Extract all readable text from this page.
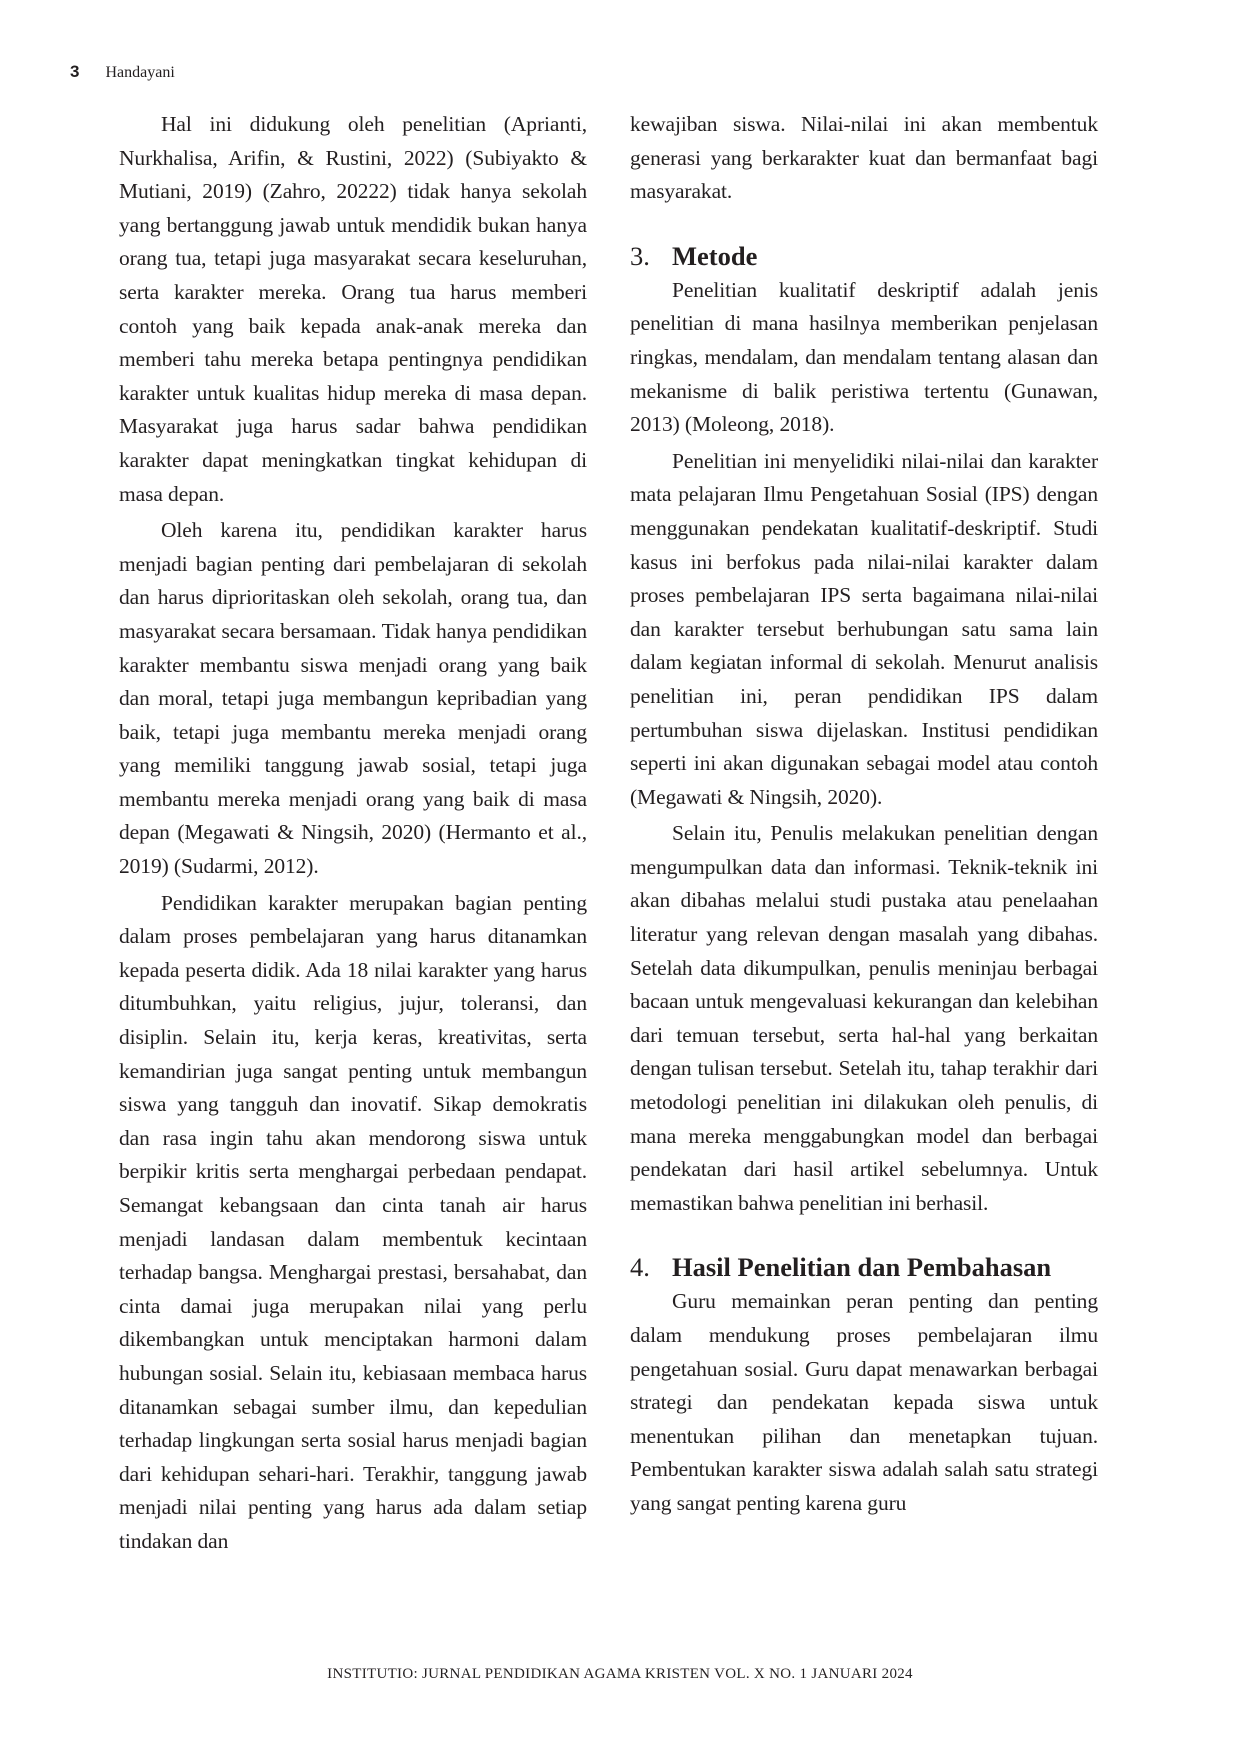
3 Handayani

Hal ini didukung oleh penelitian (Aprianti, Nurkhalisa, Arifin, & Rustini, 2022) (Subiyakto & Mutiani, 2019) (Zahro, 20222) tidak hanya sekolah yang bertanggung jawab untuk mendidik bukan hanya orang tua, tetapi juga masyarakat secara keseluruhan, serta karakter mereka. Orang tua harus memberi contoh yang baik kepada anak-anak mereka dan memberi tahu mereka betapa pentingnya pendidikan karakter untuk kualitas hidup mereka di masa depan. Masyarakat juga harus sadar bahwa pendidikan karakter dapat meningkatkan tingkat kehidupan di masa depan.

Oleh karena itu, pendidikan karakter harus menjadi bagian penting dari pembelajaran di sekolah dan harus diprioritaskan oleh sekolah, orang tua, dan masyarakat secara bersamaan. Tidak hanya pendidikan karakter membantu siswa menjadi orang yang baik dan moral, tetapi juga membangun kepribadian yang baik, tetapi juga membantu mereka menjadi orang yang memiliki tanggung jawab sosial, tetapi juga membantu mereka menjadi orang yang baik di masa depan (Megawati & Ningsih, 2020) (Hermanto et al., 2019) (Sudarmi, 2012).

Pendidikan karakter merupakan bagian penting dalam proses pembelajaran yang harus ditanamkan kepada peserta didik. Ada 18 nilai karakter yang harus ditumbuhkan, yaitu religius, jujur, toleransi, dan disiplin. Selain itu, kerja keras, kreativitas, serta kemandirian juga sangat penting untuk membangun siswa yang tangguh dan inovatif. Sikap demokratis dan rasa ingin tahu akan mendorong siswa untuk berpikir kritis serta menghargai perbedaan pendapat. Semangat kebangsaan dan cinta tanah air harus menjadi landasan dalam membentuk kecintaan terhadap bangsa. Menghargai prestasi, bersahabat, dan cinta damai juga merupakan nilai yang perlu dikembangkan untuk menciptakan harmoni dalam hubungan sosial. Selain itu, kebiasaan membaca harus ditanamkan sebagai sumber ilmu, dan kepedulian terhadap lingkungan serta sosial harus menjadi bagian dari kehidupan sehari-hari. Terakhir, tanggung jawab menjadi nilai penting yang harus ada dalam setiap tindakan dan

kewajiban siswa. Nilai-nilai ini akan membentuk generasi yang berkarakter kuat dan bermanfaat bagi masyarakat.

3. Metode

Penelitian kualitatif deskriptif adalah jenis penelitian di mana hasilnya memberikan penjelasan ringkas, mendalam, dan mendalam tentang alasan dan mekanisme di balik peristiwa tertentu (Gunawan, 2013) (Moleong, 2018).

Penelitian ini menyelidiki nilai-nilai dan karakter mata pelajaran Ilmu Pengetahuan Sosial (IPS) dengan menggunakan pendekatan kualitatif-deskriptif. Studi kasus ini berfokus pada nilai-nilai karakter dalam proses pembelajaran IPS serta bagaimana nilai-nilai dan karakter tersebut berhubungan satu sama lain dalam kegiatan informal di sekolah. Menurut analisis penelitian ini, peran pendidikan IPS dalam pertumbuhan siswa dijelaskan. Institusi pendidikan seperti ini akan digunakan sebagai model atau contoh (Megawati & Ningsih, 2020).

Selain itu, Penulis melakukan penelitian dengan mengumpulkan data dan informasi. Teknik-teknik ini akan dibahas melalui studi pustaka atau penelaahan literatur yang relevan dengan masalah yang dibahas. Setelah data dikumpulkan, penulis meninjau berbagai bacaan untuk mengevaluasi kekurangan dan kelebihan dari temuan tersebut, serta hal-hal yang berkaitan dengan tulisan tersebut. Setelah itu, tahap terakhir dari metodologi penelitian ini dilakukan oleh penulis, di mana mereka menggabungkan model dan berbagai pendekatan dari hasil artikel sebelumnya. Untuk memastikan bahwa penelitian ini berhasil.

4. Hasil Penelitian dan Pembahasan

Guru memainkan peran penting dan penting dalam mendukung proses pembelajaran ilmu pengetahuan sosial. Guru dapat menawarkan berbagai strategi dan pendekatan kepada siswa untuk menentukan pilihan dan menetapkan tujuan. Pembentukan karakter siswa adalah salah satu strategi yang sangat penting karena guru

INSTITUTIO: JURNAL PENDIDIKAN AGAMA KRISTEN VOL. X NO. 1 JANUARI 2024
